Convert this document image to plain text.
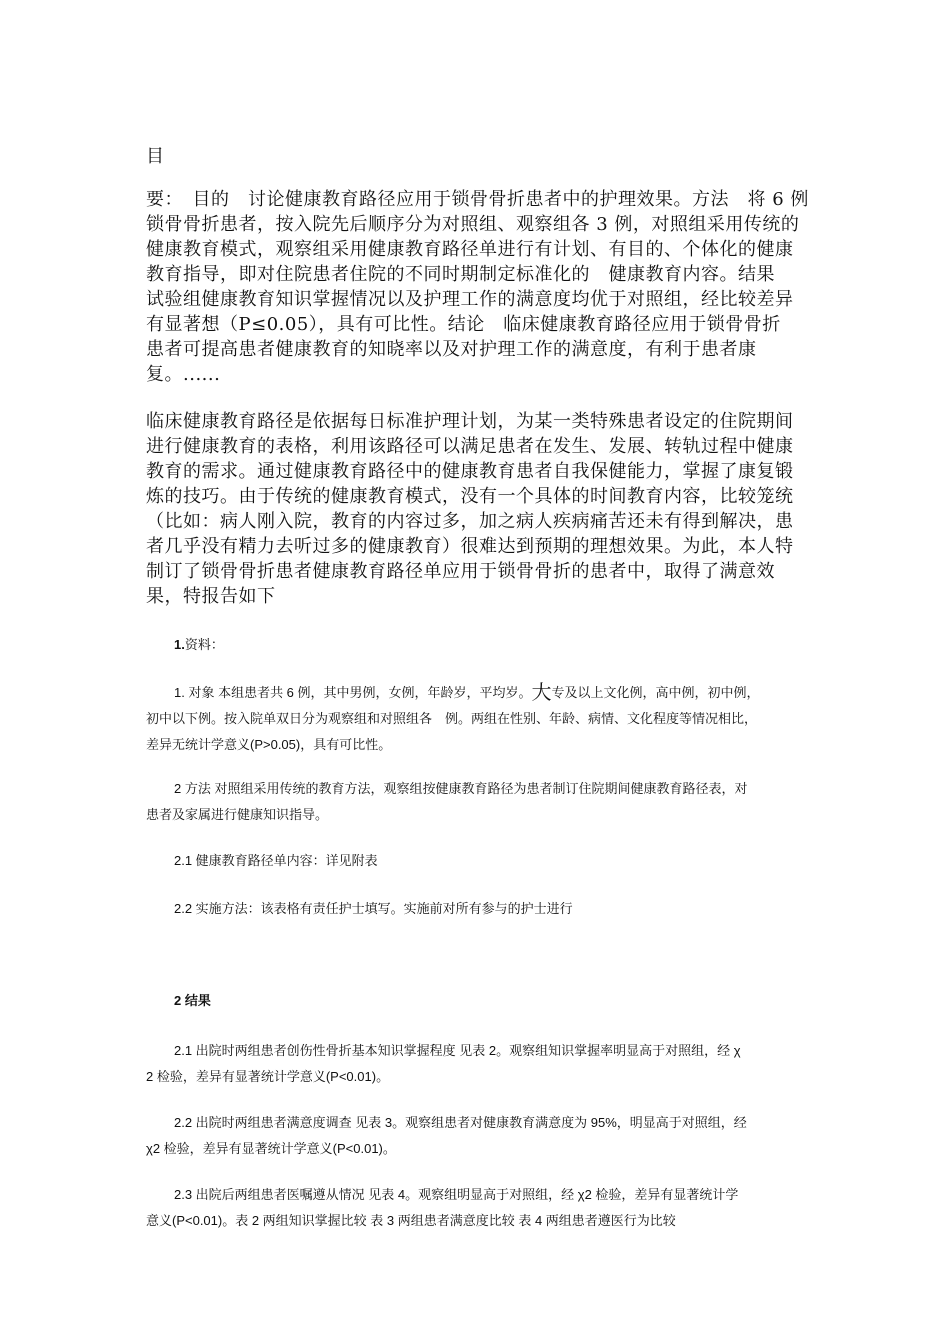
目
要：　目的　讨论健康教育路径应用于锁骨骨折患者中的护理效果。方法　将 6 例
锁骨骨折患者，按入院先后顺序分为对照组、观察组各 3 例，对照组采用传统的
健康教育模式，观察组采用健康教育路径单进行有计划、有目的、个体化的健康
教育指导，即对住院患者住院的不同时期制定标准化的　健康教育内容。结果
试验组健康教育知识掌握情况以及护理工作的满意度均优于对照组，经比较差异
有显著想（P≤0.05），具有可比性。结论　临床健康教育路径应用于锁骨骨折
患者可提高患者健康教育的知晓率以及对护理工作的满意度，有利于患者康
复。......
临床健康教育路径是依据每日标准护理计划，为某一类特殊患者设定的住院期间
进行健康教育的表格，利用该路径可以满足患者在发生、发展、转轨过程中健康
教育的需求。通过健康教育路径中的健康教育患者自我保健能力，掌握了康复锻
炼的技巧。由于传统的健康教育模式，没有一个具体的时间教育内容，比较笼统
（比如：病人刚入院，教育的内容过多，加之病人疾病痛苦还未有得到解决，患
者几乎没有精力去听过多的健康教育）很难达到预期的理想效果。为此，本人特
制订了锁骨骨折患者健康教育路径单应用于锁骨骨折的患者中，取得了满意效
果，特报告如下
1.资料：
1. 对象 本组患者共 6 例，其中男例，女例，年龄岁，平均岁。大专及以上文化例，高中例，初中例，
初中以下例。按入院单双日分为观察组和对照组各　例。两组在性别、年龄、病情、文化程度等情况相比，
差异无统计学意义(P>0.05)，具有可比性。
2 方法 对照组采用传统的教育方法，观察组按健康教育路径为患者制订住院期间健康教育路径表，对
患者及家属进行健康知识指导。
2.1 健康教育路径单内容：详见附表
2.2 实施方法：该表格有责任护士填写。实施前对所有参与的护士进行
2 结果
2.1 出院时两组患者创伤性骨折基本知识掌握程度 见表 2。观察组知识掌握率明显高于对照组，经 χ
2 检验，差异有显著统计学意义(P<0.01)。
2.2 出院时两组患者满意度调查 见表 3。观察组患者对健康教育满意度为 95%，明显高于对照组，经
χ2 检验，差异有显著统计学意义(P<0.01)。
2.3 出院后两组患者医嘱遵从情况 见表 4。观察组明显高于对照组，经 χ2 检验，差异有显著统计学
意义(P<0.01)。表 2 两组知识掌握比较 表 3 两组患者满意度比较 表 4 两组患者遵医行为比较
